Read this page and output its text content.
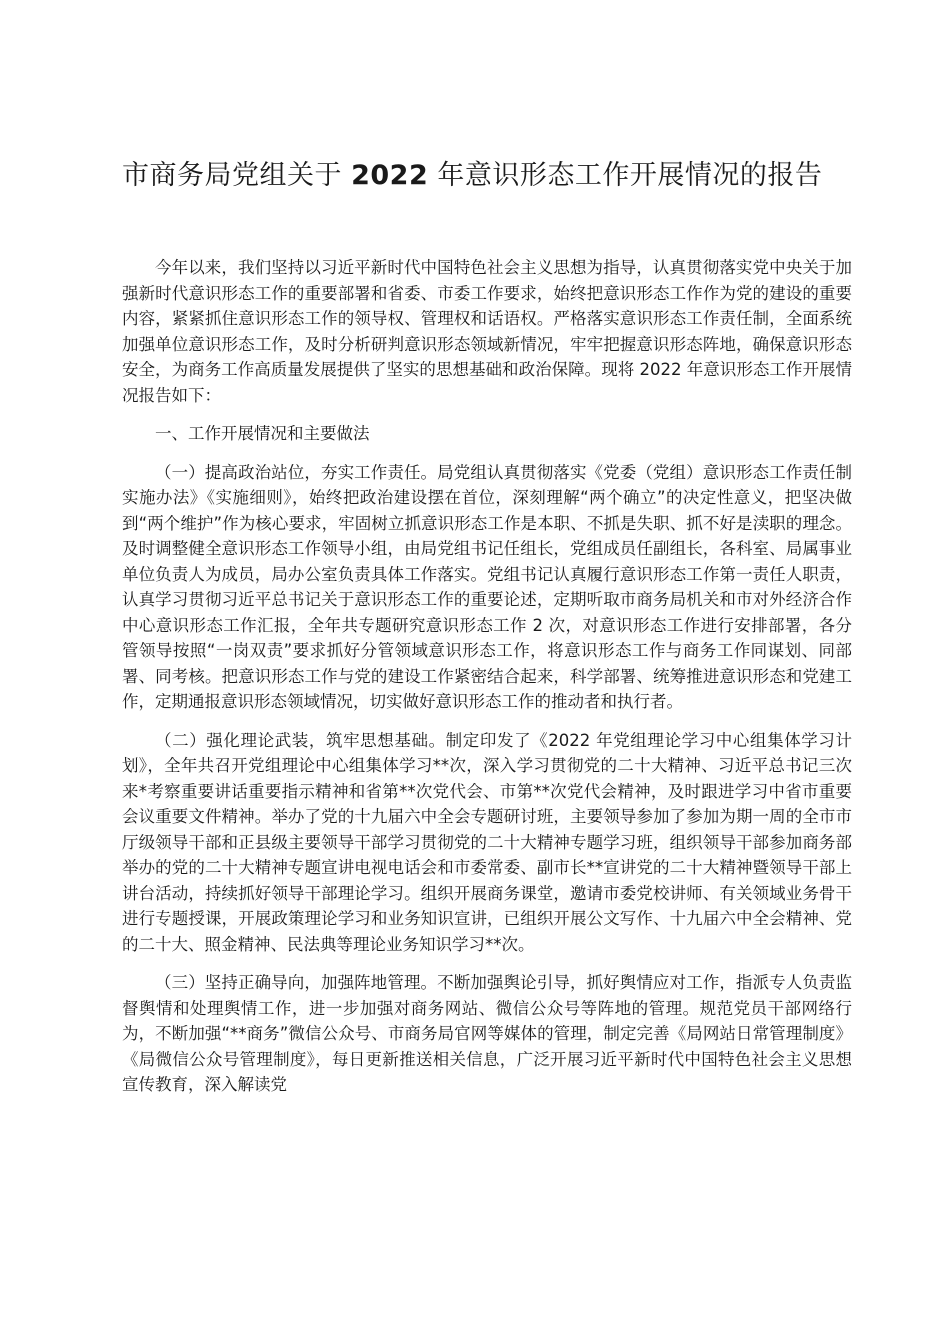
市商务局党组关于 2022 年意识形态工作开展情况的报告

今年以来，我们坚持以习近平新时代中国特色社会主义思想为指导，认真贯彻落实党中央关于加强新时代意识形态工作的重要部署和省委、市委工作要求，始终把意识形态工作作为党的建设的重要内容，紧紧抓住意识形态工作的领导权、管理权和话语权。严格落实意识形态工作责任制，全面系统加强单位意识形态工作，及时分析研判意识形态领域新情况，牢牢把握意识形态阵地，确保意识形态安全，为商务工作高质量发展提供了坚实的思想基础和政治保障。现将 2022 年意识形态工作开展情况报告如下：

一、工作开展情况和主要做法

（一）提高政治站位，夯实工作责任。局党组认真贯彻落实《党委（党组）意识形态工作责任制实施办法》《实施细则》，始终把政治建设摆在首位，深刻理解“两个确立”的决定性意义，把坚决做到“两个维护”作为核心要求，牢固树立抓意识形态工作是本职、不抓是失职、抓不好是渎职的理念。及时调整健全意识形态工作领导小组，由局党组书记任组长，党组成员任副组长，各科室、局属事业单位负责人为成员，局办公室负责具体工作落实。党组书记认真履行意识形态工作第一责任人职责，认真学习贯彻习近平总书记关于意识形态工作的重要论述，定期听取市商务局机关和市对外经济合作中心意识形态工作汇报，全年共专题研究意识形态工作 2 次，对意识形态工作进行安排部署，各分管领导按照“一岗双责”要求抓好分管领域意识形态工作，将意识形态工作与商务工作同谋划、同部署、同考核。把意识形态工作与党的建设工作紧密结合起来，科学部署、统筹推进意识形态和党建工作，定期通报意识形态领域情况，切实做好意识形态工作的推动者和执行者。

（二）强化理论武装，筑牢思想基础。制定印发了《2022 年党组理论学习中心组集体学习计划》，全年共召开党组理论中心组集体学习**次，深入学习贯彻党的二十大精神、习近平总书记三次来*考察重要讲话重要指示精神和省第**次党代会、市第**次党代会精神，及时跟进学习中省市重要会议重要文件精神。举办了党的十九届六中全会专题研讨班，主要领导参加了参加为期一周的全市市厅级领导干部和正县级主要领导干部学习贯彻党的二十大精神专题学习班，组织领导干部参加商务部举办的党的二十大精神专题宣讲电视电话会和市委常委、副市长**宣讲党的二十大精神暨领导干部上讲台活动，持续抓好领导干部理论学习。组织开展商务课堂，邀请市委党校讲师、有关领域业务骨干进行专题授课，开展政策理论学习和业务知识宣讲，已组织开展公文写作、十九届六中全会精神、党的二十大、照金精神、民法典等理论业务知识学习**次。

（三）坚持正确导向，加强阵地管理。不断加强舆论引导，抓好舆情应对工作，指派专人负责监督舆情和处理舆情工作，进一步加强对商务网站、微信公众号等阵地的管理。规范党员干部网络行为，不断加强“**商务”微信公众号、市商务局官网等媒体的管理，制定完善《局网站日常管理制度》《局微信公众号管理制度》，每日更新推送相关信息，广泛开展习近平新时代中国特色社会主义思想宣传教育，深入解读党
